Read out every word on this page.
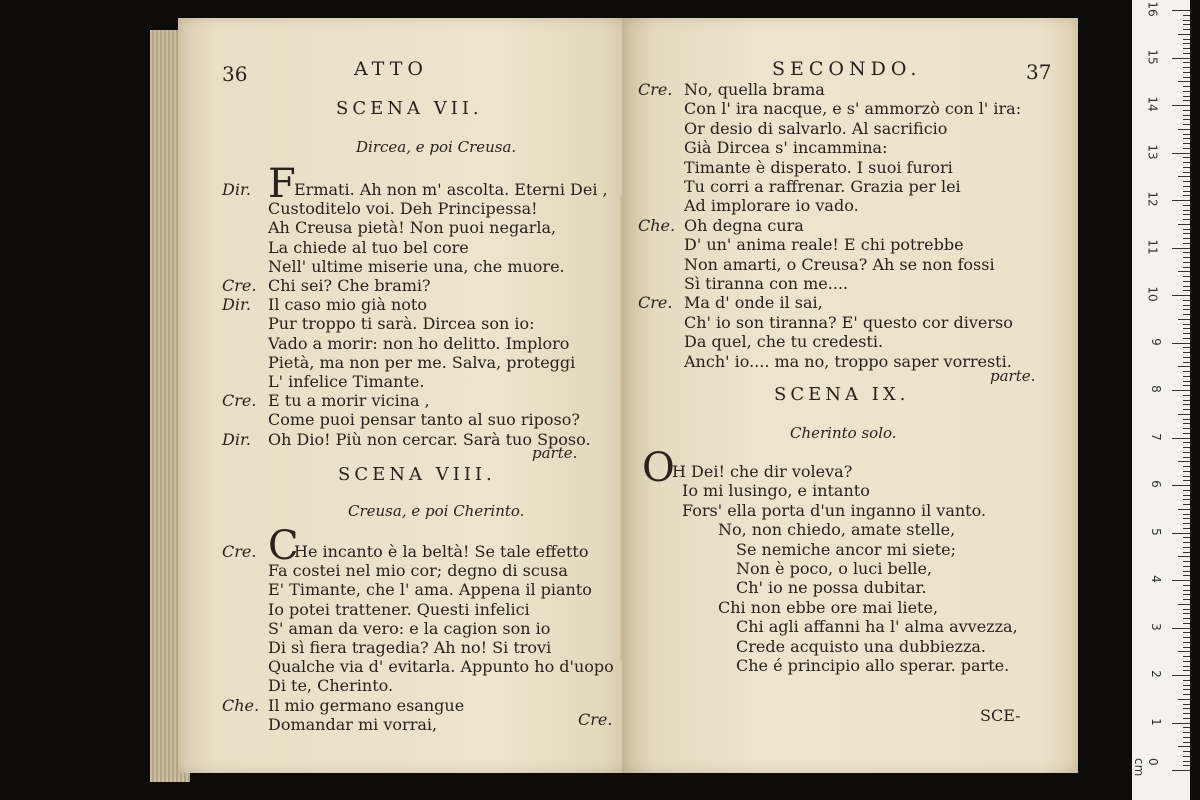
36	ATTO
SCENA VII.
Dircea, e poi Creusa.
Dir. F
Ermati. Ah non m' ascolta. Eterni Dei ,
Custoditelo voi. Deh Principessa!
Ah Creusa pietà! Non puoi negarla,
La chiede al tuo bel core
Nell' ultime miserie una, che muore.
Cre. Chi sei? Che brami?
Dir. Il caso mio già noto
Pur troppo ti sarà. Dircea son io:
Vado a morir: non ho delitto. Imploro
Pietà, ma non per me. Salva, proteggi
L' infelice Timante.
Cre. E tu a morir vicina ,
Come puoi pensar tanto al suo riposo?
Dir. Oh Dio! Più non cercar. Sarà tuo Sposo.
parte.
SCENA VIII.
Creusa, e poi Cherinto.
Cre. C
He incanto è la beltà! Se tale effetto
Fa costei nel mio cor; degno di scusa
E' Timante, che l' ama. Appena il pianto
Io potei trattener. Questi infelici
S' aman da vero: e la cagion son io
Di sì fiera tragedia? Ah no! Si trovi
Qualche via d' evitarla. Appunto ho d'uopo
Di te, Cherinto.
Che. Il mio germano esangue
Domandar mi vorrai,	Cre.
SECONDO.	37
Cre. No, quella brama
Con l' ira nacque, e s' ammorzò con l' ira:
Or desio di salvarlo. Al sacrificio
Già Dircea s' incammina:
Timante è disperato. I suoi furori
Tu corri a raffrenar. Grazia per lei
Ad implorare io vado.
Che. Oh degna cura
D' un' anima reale! E chi potrebbe
Non amarti, o Creusa? Ah se non fossi
Sì tiranna con me....
Cre. Ma d' onde il sai,
Ch' io son tiranna? E' questo cor diverso
Da quel, che tu credesti.
Anch' io.... ma no, troppo saper vorresti.
parte.
SCENA IX.
Cherinto solo.
O
H Dei! che dir voleva?
Io mi lusingo, e intanto
Fors' ella porta d'un inganno il vanto.
No, non chiedo, amate stelle,
Se nemiche ancor mi siete;
Non è poco, o luci belle,
Ch' io ne possa dubitar.
Chi non ebbe ore mai liete,
Chi agli affanni ha l' alma avvezza,
Crede acquisto una dubbiezza.
Che é principio allo sperar. parte.
SCE-
0 cm
1
2
3
4
5
6
7
8
9
10
11
12
13
14
15
16
